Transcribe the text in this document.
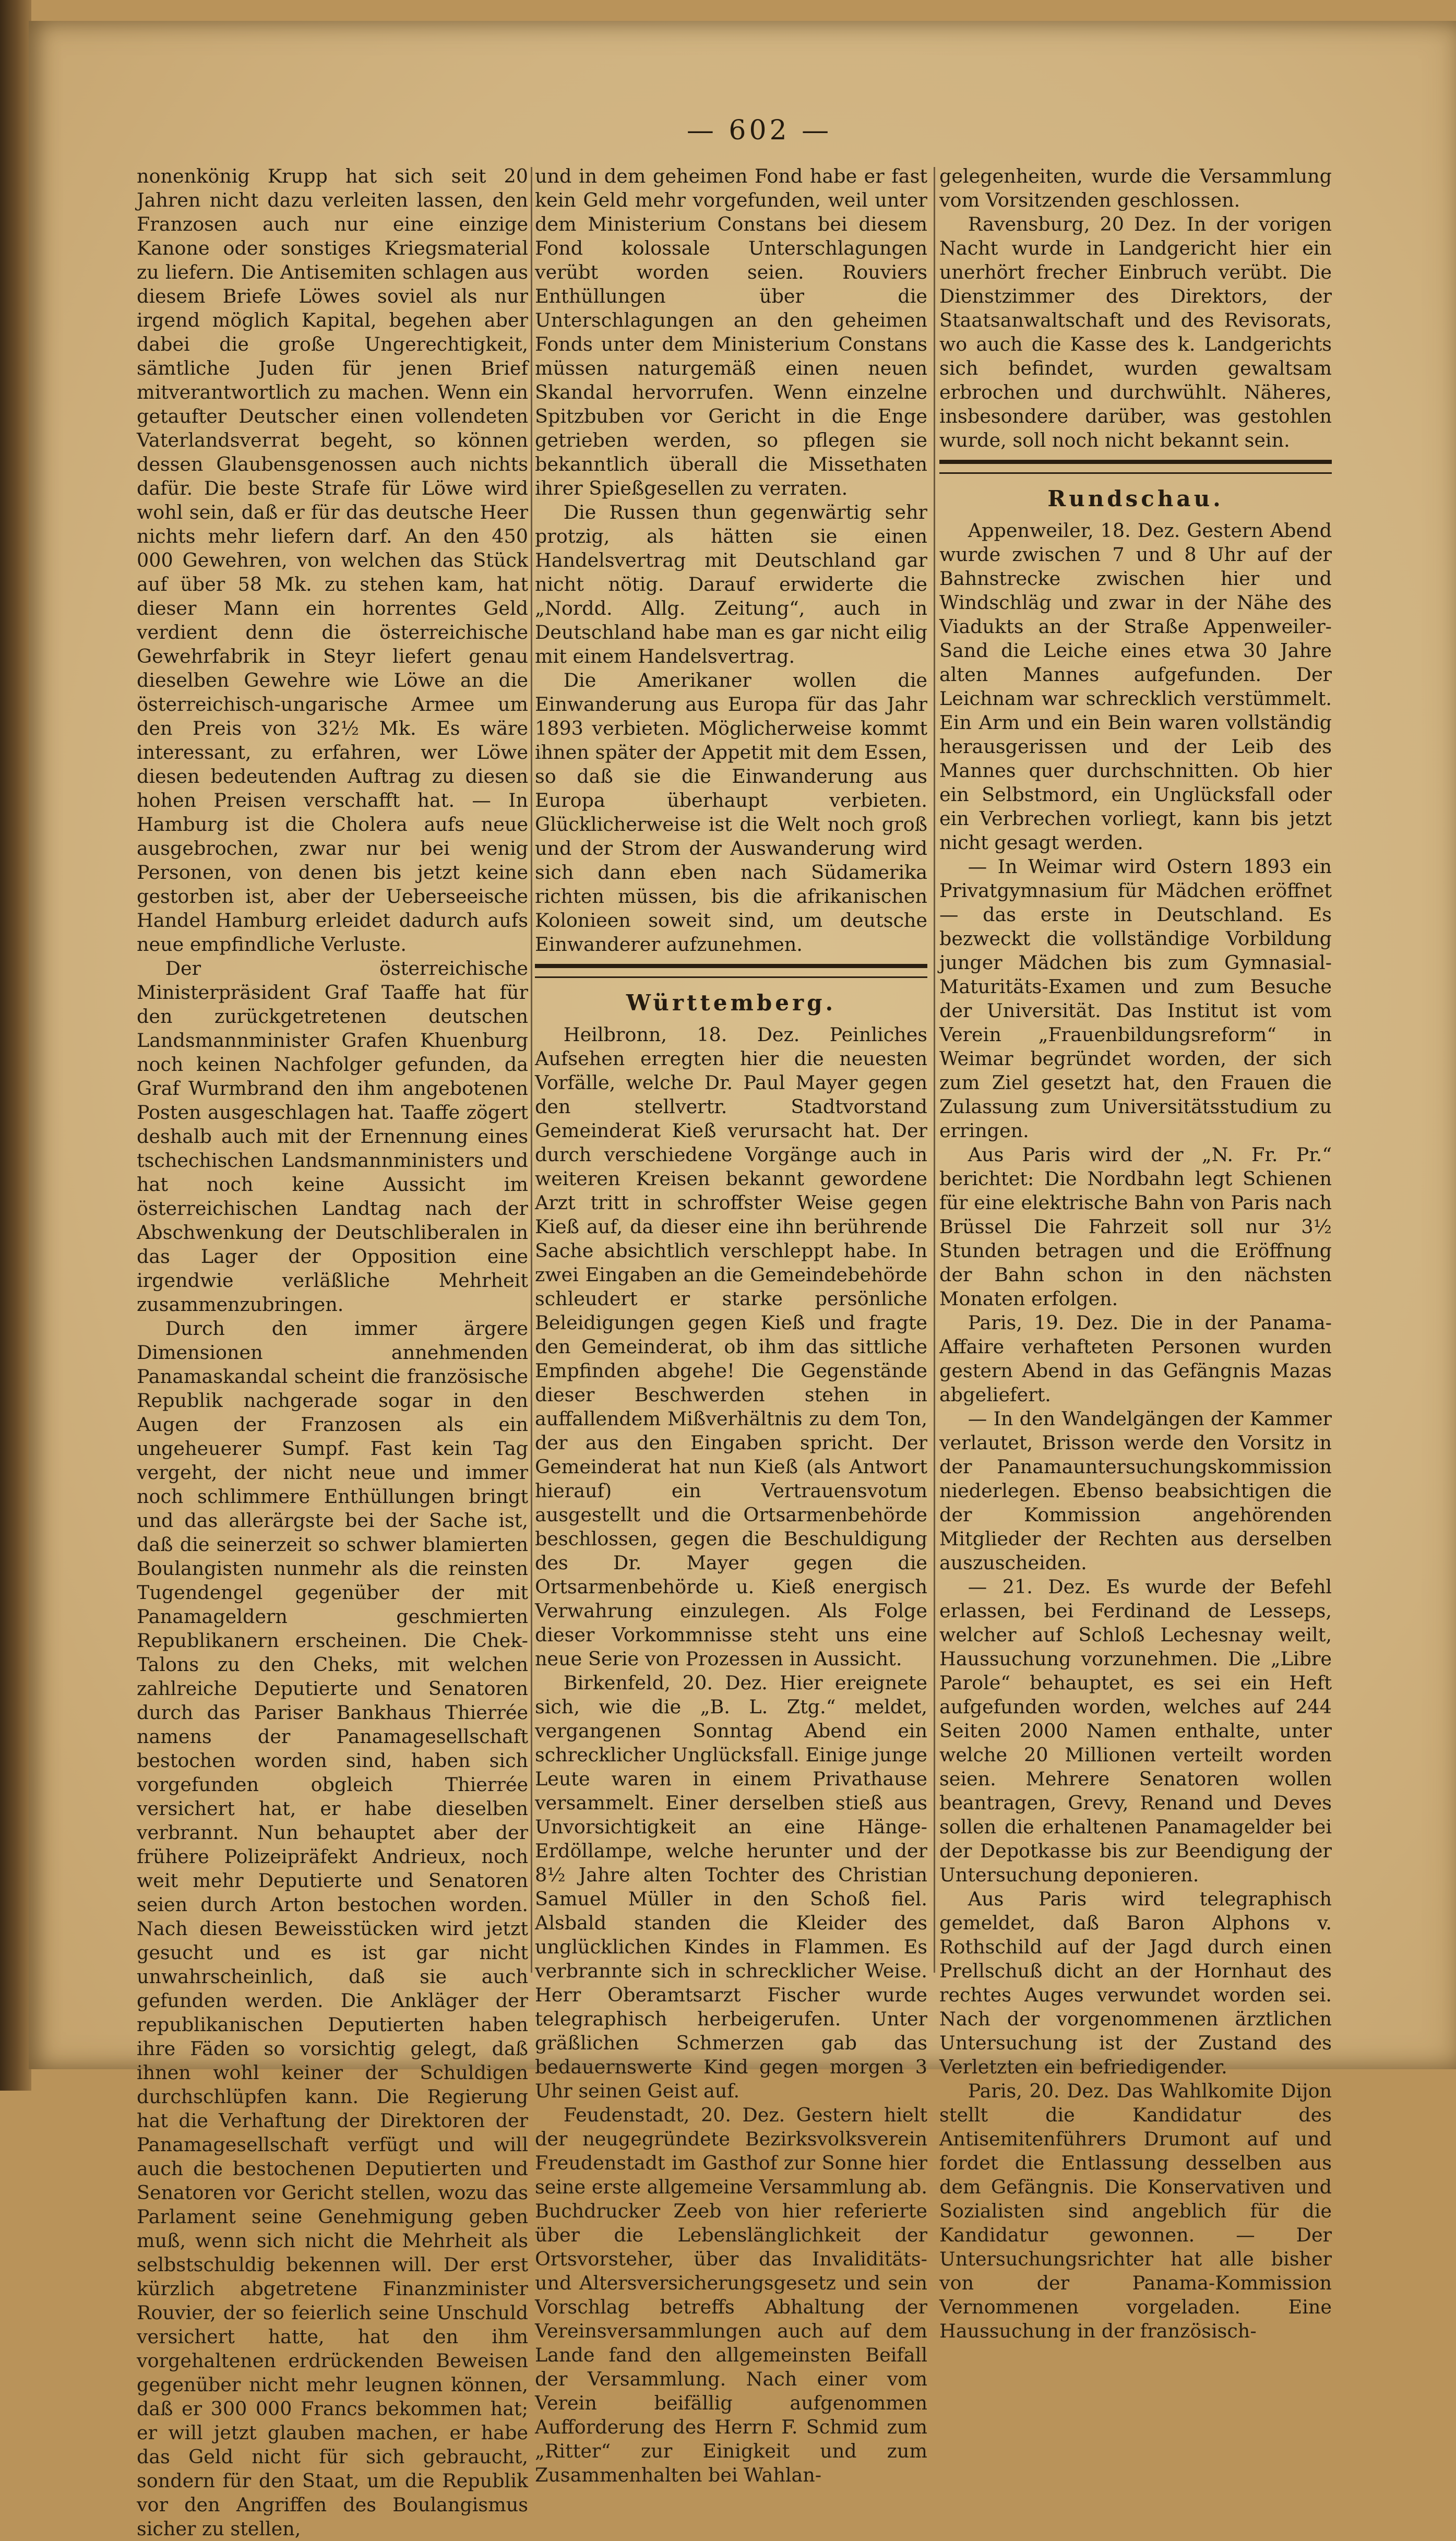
— 602 —

nonenkönig Krupp hat sich seit 20 Jahren nicht dazu verleiten lassen, den Franzosen auch nur eine einzige Kanone oder sonstiges Kriegsmaterial zu liefern. Die Antisemiten schlagen aus diesem Briefe Löwes soviel als nur irgend möglich Kapital, begehen aber dabei die große Ungerechtigkeit, sämtliche Juden für jenen Brief mitverantwortlich zu machen. Wenn ein getaufter Deutscher einen vollendeten Vaterlandsverrat begeht, so können dessen Glaubensgenossen auch nichts dafür. Die beste Strafe für Löwe wird wohl sein, daß er für das deutsche Heer nichts mehr liefern darf. An den 450 000 Gewehren, von welchen das Stück auf über 58 Mk. zu stehen kam, hat dieser Mann ein horrentes Geld verdient denn die österreichische Gewehrfabrik in Steyr liefert genau dieselben Gewehre wie Löwe an die österreichisch-ungarische Armee um den Preis von 32½ Mk. Es wäre interessant, zu erfahren, wer Löwe diesen bedeutenden Auftrag zu diesen hohen Preisen verschafft hat. — In Hamburg ist die Cholera aufs neue ausgebrochen, zwar nur bei wenig Personen, von denen bis jetzt keine gestorben ist, aber der Ueberseeische Handel Hamburg erleidet dadurch aufs neue empfindliche Verluste.

Der österreichische Ministerpräsident Graf Taaffe hat für den zurückgetretenen deutschen Landsmannminister Grafen Khuenburg noch keinen Nachfolger gefunden, da Graf Wurmbrand den ihm angebotenen Posten ausgeschlagen hat. Taaffe zögert deshalb auch mit der Ernennung eines tschechischen Landsmannministers und hat noch keine Aussicht im österreichischen Landtag nach der Abschwenkung der Deutschliberalen in das Lager der Opposition eine irgendwie verläßliche Mehrheit zusammenzubringen.

Durch den immer ärgere Dimensionen annehmenden Panamaskandal scheint die französische Republik nachgerade sogar in den Augen der Franzosen als ein ungeheuerer Sumpf. Fast kein Tag vergeht, der nicht neue und immer noch schlimmere Enthüllungen bringt und das allerärgste bei der Sache ist, daß die seinerzeit so schwer blamierten Boulangisten nunmehr als die reinsten Tugendengel gegenüber der mit Panamageldern geschmierten Republikanern erscheinen. Die Chek-Talons zu den Cheks, mit welchen zahlreiche Deputierte und Senatoren durch das Pariser Bankhaus Thierrée namens der Panamagesellschaft bestochen worden sind, haben sich vorgefunden obgleich Thierrée versichert hat, er habe dieselben verbrannt. Nun behauptet aber der frühere Polizeipräfekt Andrieux, noch weit mehr Deputierte und Senatoren seien durch Arton bestochen worden. Nach diesen Beweisstücken wird jetzt gesucht und es ist gar nicht unwahrscheinlich, daß sie auch gefunden werden. Die Ankläger der republikanischen Deputierten haben ihre Fäden so vorsichtig gelegt, daß ihnen wohl keiner der Schuldigen durchschlüpfen kann. Die Regierung hat die Verhaftung der Direktoren der Panamagesellschaft verfügt und will auch die bestochenen Deputierten und Senatoren vor Gericht stellen, wozu das Parlament seine Genehmigung geben muß, wenn sich nicht die Mehrheit als selbstschuldig bekennen will. Der erst kürzlich abgetretene Finanzminister Rouvier, der so feierlich seine Unschuld versichert hatte, hat den ihm vorgehaltenen erdrückenden Beweisen gegenüber nicht mehr leugnen können, daß er 300 000 Francs bekommen hat; er will jetzt glauben machen, er habe das Geld nicht für sich gebraucht, sondern für den Staat, um die Republik vor den Angriffen des Boulangismus sicher zu stellen,

und in dem geheimen Fond habe er fast kein Geld mehr vorgefunden, weil unter dem Ministerium Constans bei diesem Fond kolossale Unterschlagungen verübt worden seien. Rouviers Enthüllungen über die Unterschlagungen an den geheimen Fonds unter dem Ministerium Constans müssen naturgemäß einen neuen Skandal hervorrufen. Wenn einzelne Spitzbuben vor Gericht in die Enge getrieben werden, so pflegen sie bekanntlich überall die Missethaten ihrer Spießgesellen zu verraten.

Die Russen thun gegenwärtig sehr protzig, als hätten sie einen Handelsvertrag mit Deutschland gar nicht nötig. Darauf erwiderte die „Nordd. Allg. Zeitung“, auch in Deutschland habe man es gar nicht eilig mit einem Handelsvertrag.

Die Amerikaner wollen die Einwanderung aus Europa für das Jahr 1893 verbieten. Möglicherweise kommt ihnen später der Appetit mit dem Essen, so daß sie die Einwanderung aus Europa überhaupt verbieten. Glücklicherweise ist die Welt noch groß und der Strom der Auswanderung wird sich dann eben nach Südamerika richten müssen, bis die afrikanischen Kolonieen soweit sind, um deutsche Einwanderer aufzunehmen.

Württemberg.

Heilbronn, 18. Dez. Peinliches Aufsehen erregten hier die neuesten Vorfälle, welche Dr. Paul Mayer gegen den stellvertr. Stadtvorstand Gemeinderat Kieß verursacht hat. Der durch verschiedene Vorgänge auch in weiteren Kreisen bekannt gewordene Arzt tritt in schroffster Weise gegen Kieß auf, da dieser eine ihn berührende Sache absichtlich verschleppt habe. In zwei Eingaben an die Gemeindebehörde schleudert er starke persönliche Beleidigungen gegen Kieß und fragte den Gemeinderat, ob ihm das sittliche Empfinden abgehe! Die Gegenstände dieser Beschwerden stehen in auffallendem Mißverhältnis zu dem Ton, der aus den Eingaben spricht. Der Gemeinderat hat nun Kieß (als Antwort hierauf) ein Vertrauensvotum ausgestellt und die Ortsarmenbehörde beschlossen, gegen die Beschuldigung des Dr. Mayer gegen die Ortsarmenbehörde u. Kieß energisch Verwahrung einzulegen. Als Folge dieser Vorkommnisse steht uns eine neue Serie von Prozessen in Aussicht.

Birkenfeld, 20. Dez. Hier ereignete sich, wie die „B. L. Ztg.“ meldet, vergangenen Sonntag Abend ein schrecklicher Unglücksfall. Einige junge Leute waren in einem Privathause versammelt. Einer derselben stieß aus Unvorsichtigkeit an eine Hänge-Erdöllampe, welche herunter und der 8½ Jahre alten Tochter des Christian Samuel Müller in den Schoß fiel. Alsbald standen die Kleider des unglücklichen Kindes in Flammen. Es verbrannte sich in schrecklicher Weise. Herr Oberamtsarzt Fischer wurde telegraphisch herbeigerufen. Unter gräßlichen Schmerzen gab das bedauernswerte Kind gegen morgen 3 Uhr seinen Geist auf.

Feudenstadt, 20. Dez. Gestern hielt der neugegründete Bezirksvolksverein Freudenstadt im Gasthof zur Sonne hier seine erste allgemeine Versammlung ab. Buchdrucker Zeeb von hier referierte über die Lebenslänglichkeit der Ortsvorsteher, über das Invaliditäts- und Altersversicherungsgesetz und sein Vorschlag betreffs Abhaltung der Vereinsversammlungen auch auf dem Lande fand den allgemeinsten Beifall der Versammlung. Nach einer vom Verein beifällig aufgenommen Aufforderung des Herrn F. Schmid zum „Ritter“ zur Einigkeit und zum Zusammenhalten bei Wahlan-

gelegenheiten, wurde die Versammlung vom Vorsitzenden geschlossen.

Ravensburg, 20 Dez. In der vorigen Nacht wurde in Landgericht hier ein unerhört frecher Einbruch verübt. Die Dienstzimmer des Direktors, der Staatsanwaltschaft und des Revisorats, wo auch die Kasse des k. Landgerichts sich befindet, wurden gewaltsam erbrochen und durchwühlt. Näheres, insbesondere darüber, was gestohlen wurde, soll noch nicht bekannt sein.

Rundschau.

Appenweiler, 18. Dez. Gestern Abend wurde zwischen 7 und 8 Uhr auf der Bahnstrecke zwischen hier und Windschläg und zwar in der Nähe des Viadukts an der Straße Appenweiler-Sand die Leiche eines etwa 30 Jahre alten Mannes aufgefunden. Der Leichnam war schrecklich verstümmelt. Ein Arm und ein Bein waren vollständig herausgerissen und der Leib des Mannes quer durchschnitten. Ob hier ein Selbstmord, ein Unglücksfall oder ein Verbrechen vorliegt, kann bis jetzt nicht gesagt werden.

— In Weimar wird Ostern 1893 ein Privatgymnasium für Mädchen eröffnet — das erste in Deutschland. Es bezweckt die vollständige Vorbildung junger Mädchen bis zum Gymnasial-Maturitäts-Examen und zum Besuche der Universität. Das Institut ist vom Verein „Frauenbildungsreform“ in Weimar begründet worden, der sich zum Ziel gesetzt hat, den Frauen die Zulassung zum Universitätsstudium zu erringen.

Aus Paris wird der „N. Fr. Pr.“ berichtet: Die Nordbahn legt Schienen für eine elektrische Bahn von Paris nach Brüssel Die Fahrzeit soll nur 3½ Stunden betragen und die Eröffnung der Bahn schon in den nächsten Monaten erfolgen.

Paris, 19. Dez. Die in der Panama-Affaire verhafteten Personen wurden gestern Abend in das Gefängnis Mazas abgeliefert.

— In den Wandelgängen der Kammer verlautet, Brisson werde den Vorsitz in der Panamauntersuchungskommission niederlegen. Ebenso beabsichtigen die der Kommission angehörenden Mitglieder der Rechten aus derselben auszuscheiden.

— 21. Dez. Es wurde der Befehl erlassen, bei Ferdinand de Lesseps, welcher auf Schloß Lechesnay weilt, Haussuchung vorzunehmen. Die „Libre Parole“ behauptet, es sei ein Heft aufgefunden worden, welches auf 244 Seiten 2000 Namen enthalte, unter welche 20 Millionen verteilt worden seien. Mehrere Senatoren wollen beantragen, Grevy, Renand und Deves sollen die erhaltenen Panamagelder bei der Depotkasse bis zur Beendigung der Untersuchung deponieren.

Aus Paris wird telegraphisch gemeldet, daß Baron Alphons v. Rothschild auf der Jagd durch einen Prellschuß dicht an der Hornhaut des rechtes Auges verwundet worden sei. Nach der vorgenommenen ärztlichen Untersuchung ist der Zustand des Verletzten ein befriedigender.

Paris, 20. Dez. Das Wahlkomite Dijon stellt die Kandidatur des Antisemitenführers Drumont auf und fordet die Entlassung desselben aus dem Gefängnis. Die Konservativen und Sozialisten sind angeblich für die Kandidatur gewonnen. — Der Untersuchungsrichter hat alle bisher von der Panama-Kommission Vernommenen vorgeladen. Eine Haussuchung in der französisch-
